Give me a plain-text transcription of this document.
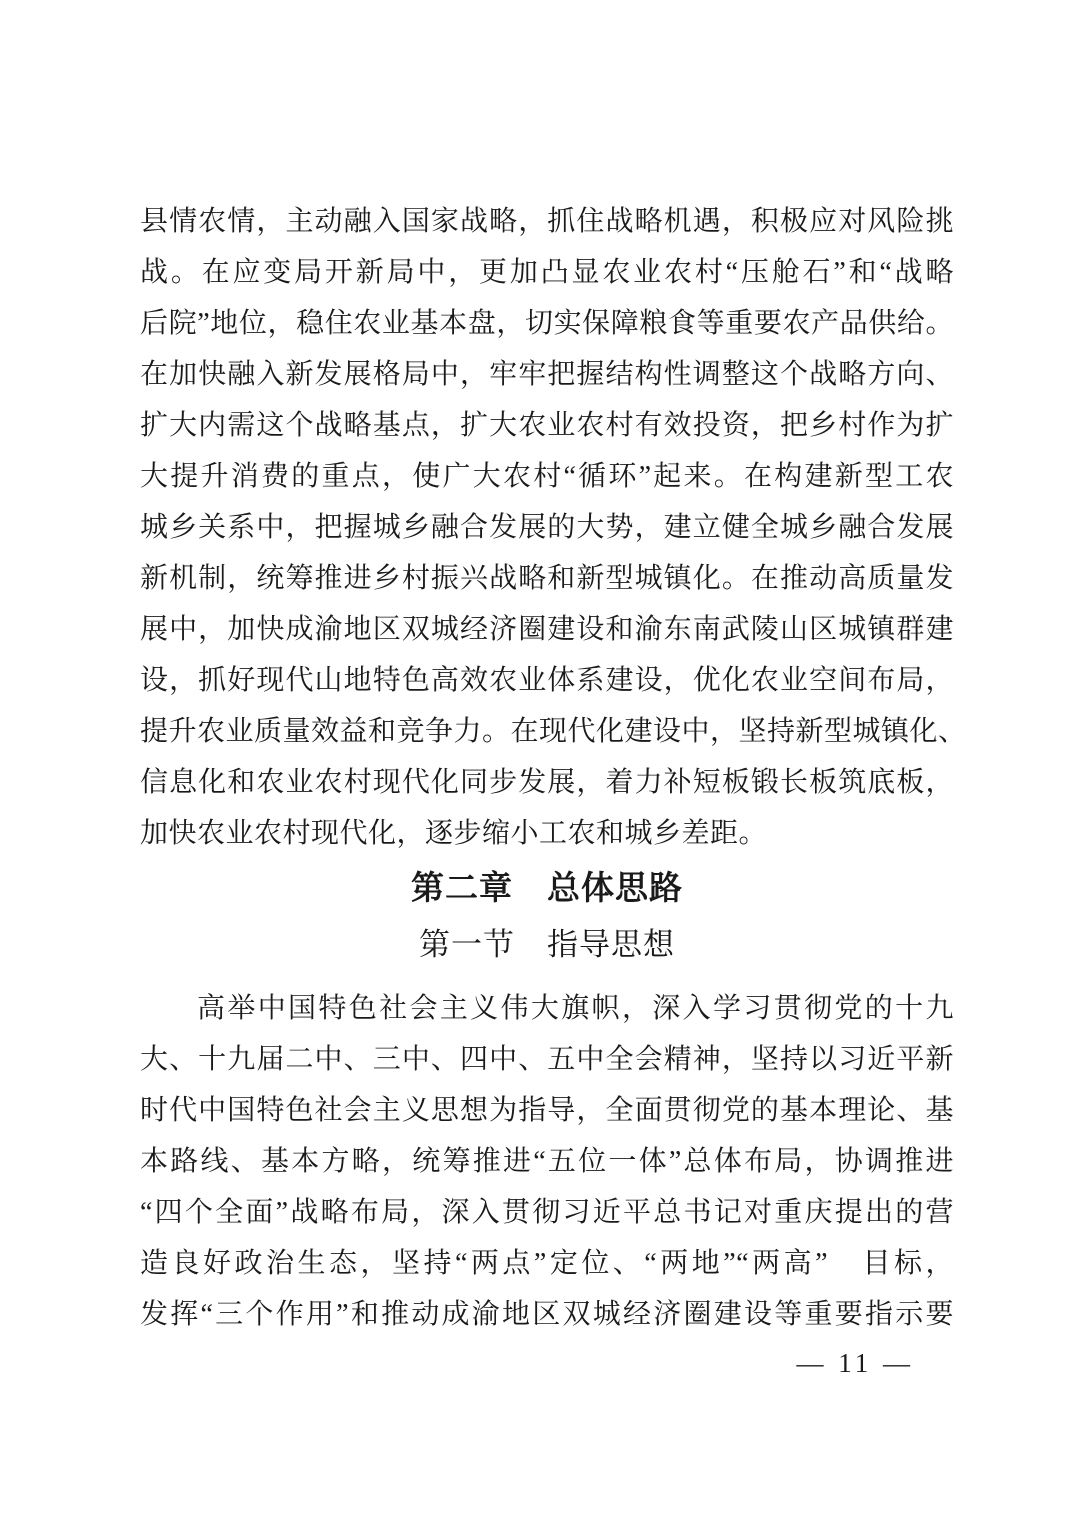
县情农情，主动融入国家战略，抓住战略机遇，积极应对风险挑
战。在应变局开新局中，更加凸显农业农村“压舱石”和“战略
后院”地位，稳住农业基本盘，切实保障粮食等重要农产品供给。
在加快融入新发展格局中，牢牢把握结构性调整这个战略方向、
扩大内需这个战略基点，扩大农业农村有效投资，把乡村作为扩
大提升消费的重点，使广大农村“循环”起来。在构建新型工农
城乡关系中，把握城乡融合发展的大势，建立健全城乡融合发展
新机制，统筹推进乡村振兴战略和新型城镇化。在推动高质量发
展中，加快成渝地区双城经济圈建设和渝东南武陵山区城镇群建
设，抓好现代山地特色高效农业体系建设，优化农业空间布局，
提升农业质量效益和竞争力。在现代化建设中，坚持新型城镇化、
信息化和农业农村现代化同步发展，着力补短板锻长板筑底板，
加快农业农村现代化，逐步缩小工农和城乡差距。
第二章　总体思路
第一节　指导思想
高举中国特色社会主义伟大旗帜，深入学习贯彻党的十九
大、十九届二中、三中、四中、五中全会精神，坚持以习近平新
时代中国特色社会主义思想为指导，全面贯彻党的基本理论、基
本路线、基本方略，统筹推进“五位一体”总体布局，协调推进
“四个全面”战略布局，深入贯彻习近平总书记对重庆提出的营
造良好政治生态，坚持“两点”定位、“两地”“两高”　目标，
发挥“三个作用”和推动成渝地区双城经济圈建设等重要指示要
— 11 —
